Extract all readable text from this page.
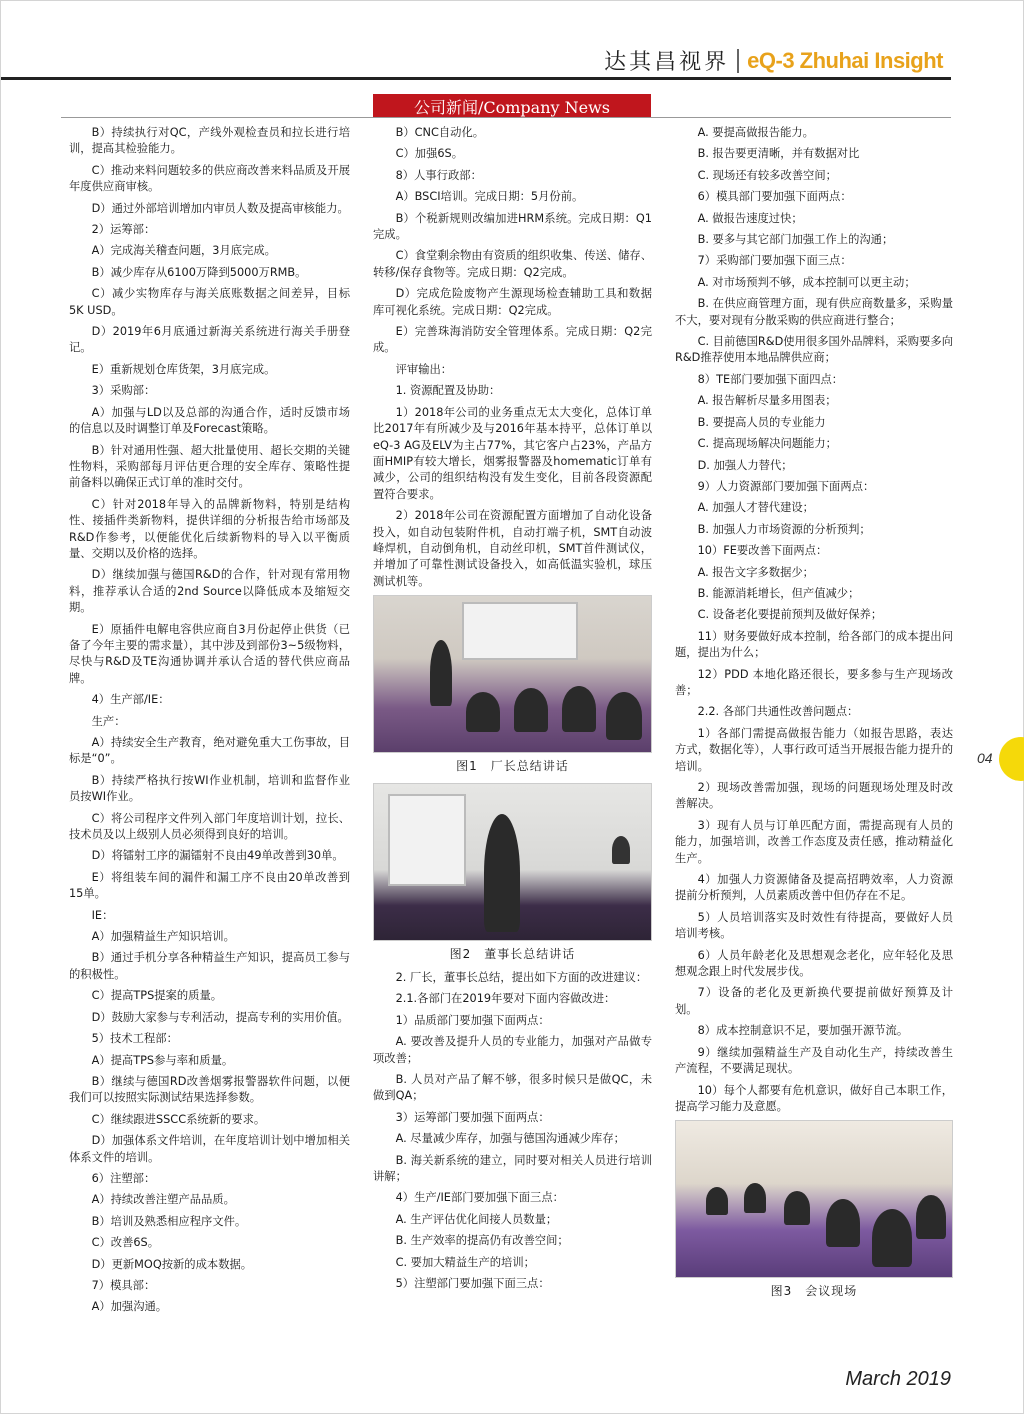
达其昌视界 eQ-3 Zhuhai Insight
公司新闻/Company News

B）持续执行对QC，产线外观检查员和拉长进行培训，提高其检验能力。

C）推动来料问题较多的供应商改善来料品质及开展年度供应商审核。

D）通过外部培训增加内审员人数及提高审核能力。

2）运筹部：

A）完成海关稽查问题，3月底完成。

B）减少库存从6100万降到5000万RMB。

C）减少实物库存与海关底账数据之间差异，目标5K USD。

D）2019年6月底通过新海关系统进行海关手册登记。

E）重新规划仓库货架，3月底完成。

3）采购部：

A）加强与LD以及总部的沟通合作，适时反馈市场的信息以及时调整订单及Forecast策略。

B）针对通用性强、超大批量使用、超长交期的关键性物料，采购部每月评估更合理的安全库存、策略性提前备料以确保正式订单的准时交付。

C）针对2018年导入的品牌新物料，特别是结构性、接插件类新物料，提供详细的分析报告给市场部及R&D作参考，以便能优化后续新物料的导入以平衡质量、交期以及价格的选择。

D）继续加强与德国R&D的合作，针对现有常用物料，推荐承认合适的2nd Source以降低成本及缩短交期。

E）原插件电解电容供应商自3月份起停止供货（已备了今年主要的需求量），其中涉及到部份3~5级物料，尽快与R&D及TE沟通协调并承认合适的替代供应商品牌。

4）生产部/IE：

生产：

A）持续安全生产教育，绝对避免重大工伤事故，目标是“0”。

B）持续严格执行按WI作业机制，培训和监督作业员按WI作业。

C）将公司程序文件列入部门年度培训计划，拉长、技术员及以上级别人员必须得到良好的培训。

D）将镭射工序的漏镭射不良由49单改善到30单。

E）将组装车间的漏件和漏工序不良由20单改善到15单。

IE：

A）加强精益生产知识培训。

B）通过手机分享各种精益生产知识，提高员工参与的积极性。

C）提高TPS提案的质量。

D）鼓励大家参与专利活动，提高专利的实用价值。

5）技术工程部：

A）提高TPS参与率和质量。

B）继续与德国RD改善烟雾报警器软件问题，以便我们可以按照实际测试结果选择参数。

C）继续跟进SSCC系统新的要求。

D）加强体系文件培训，在年度培训计划中增加相关体系文件的培训。

6）注塑部：

A）持续改善注塑产品品质。

B）培训及熟悉相应程序文件。

C）改善6S。

D）更新MOQ按新的成本数据。

7）模具部：

A）加强沟通。

B）CNC自动化。

C）加强6S。

8）人事行政部：

A）BSCI培训。完成日期：5月份前。

B）个税新规则改编加进HRM系统。完成日期：Q1完成。

C）食堂剩余物由有资质的组织收集、传送、储存、转移/保存食物等。完成日期：Q2完成。

D）完成危险废物产生源现场检查辅助工具和数据库可视化系统。完成日期：Q2完成。

E）完善珠海消防安全管理体系。完成日期：Q2完成。

评审输出：

1. 资源配置及协助：

1）2018年公司的业务重点无太大变化，总体订单比2017年有所减少及与2016年基本持平，总体订单以eQ-3 AG及ELV为主占77%，其它客户占23%，产品方面HMIP有较大增长，烟雾报警器及homematic订单有减少，公司的组织结构没有发生变化，目前各段资源配置符合要求。

2）2018年公司在资源配置方面增加了自动化设备投入，如自动包装附件机，自动打端子机，SMT自动波峰焊机，自动倒角机，自动丝印机，SMT首件测试仪，并增加了可靠性测试设备投入，如高低温实验机，球压测试机等。

图1　厂长总结讲话
图2　董事长总结讲话

2. 厂长，董事长总结，提出如下方面的改进建议：

2.1.各部门在2019年要对下面内容做改进：

1）品质部门要加强下面两点：

A. 要改善及提升人员的专业能力，加强对产品做专项改善；

B. 人员对产品了解不够，很多时候只是做QC，未做到QA；

3）运筹部门要加强下面两点：

A. 尽量减少库存，加强与德国沟通减少库存；

B. 海关新系统的建立，同时要对相关人员进行培训讲解；

4）生产/IE部门要加强下面三点：

A. 生产评估优化间接人员数量；

B. 生产效率的提高仍有改善空间；

C. 要加大精益生产的培训；

5）注塑部门要加强下面三点：

A. 要提高做报告能力。

B. 报告要更清晰，并有数据对比

C. 现场还有较多改善空间；

6）模具部门要加强下面两点：

A. 做报告速度过快；

B. 要多与其它部门加强工作上的沟通；

7）采购部门要加强下面三点：

A. 对市场预判不够，成本控制可以更主动；

B. 在供应商管理方面，现有供应商数量多，采购量不大，要对现有分散采购的供应商进行整合；

C. 目前德国R&D使用很多国外品牌料，采购要多向R&D推荐使用本地品牌供应商；

8）TE部门要加强下面四点：

A. 报告解析尽量多用图表；

B. 要提高人员的专业能力

C. 提高现场解决问题能力；

D. 加强人力替代；

9）人力资源部门要加强下面两点：

A. 加强人才替代建设；

B. 加强人力市场资源的分析预判；

10）FE要改善下面两点：

A. 报告文字多数据少；

B. 能源消耗增长，但产值减少；

C. 设备老化要提前预判及做好保养；

11）财务要做好成本控制，给各部门的成本提出问题，提出为什么；

12）PDD 本地化路还很长，要多参与生产现场改善；

2.2. 各部门共通性改善问题点：

1）各部门需提高做报告能力（如报告思路，表达方式，数据化等），人事行政可适当开展报告能力提升的培训。

2）现场改善需加强，现场的问题现场处理及时改善解决。

3）现有人员与订单匹配方面，需提高现有人员的能力，加强培训，改善工作态度及责任感，推动精益化生产。

4）加强人力资源储备及提高招聘效率，人力资源提前分析预判，人员素质改善中但仍存在不足。

5）人员培训落实及时效性有待提高，要做好人员培训考核。

6）人员年龄老化及思想观念老化，应年轻化及思想观念跟上时代发展步伐。

7）设备的老化及更新换代要提前做好预算及计划。

8）成本控制意识不足，要加强开源节流。

9）继续加强精益生产及自动化生产，持续改善生产流程，不要满足现状。

10）每个人都要有危机意识，做好自己本职工作，提高学习能力及意愿。

图3　会议现场
04
March 2019
